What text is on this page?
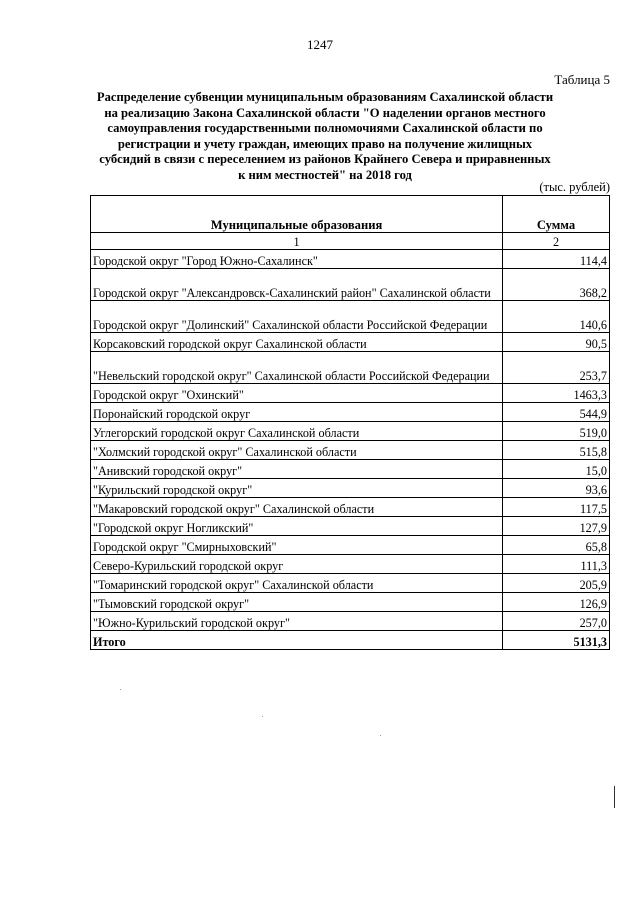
1247
Таблица 5
Распределение субвенции муниципальным образованиям Сахалинской области на реализацию Закона Сахалинской области "О наделении органов местного самоуправления государственными полномочиями Сахалинской области по регистрации и учету граждан, имеющих право на получение жилищных субсидий в связи с переселением из районов Крайнего Севера и приравненных к ним местностей" на 2018 год
(тыс. рублей)
Муниципальные образования	Сумма
1	2
Городской округ "Город Южно-Сахалинск"	114,4
Городской округ "Александровск-Сахалинский район" Сахалинской области	368,2
Городской округ "Долинский" Сахалинской области Российской Федерации	140,6
Корсаковский городской округ Сахалинской области	90,5
"Невельский городской округ" Сахалинской области Российской Федерации	253,7
Городской округ "Охинский"	1463,3
Поронайский городской округ	544,9
Углегорский городской округ Сахалинской области	519,0
"Холмский городской округ" Сахалинской области	515,8
"Анивский городской округ"	15,0
"Курильский городской округ"	93,6
"Макаровский городской округ" Сахалинской области	117,5
"Городской округ Ногликский"	127,9
Городской округ "Смирныховский"	65,8
Северо-Курильский городской округ	111,3
"Томаринский городской округ" Сахалинской области	205,9
"Тымовский городской округ"	126,9
"Южно-Курильский городской округ"	257,0
Итого	5131,3
